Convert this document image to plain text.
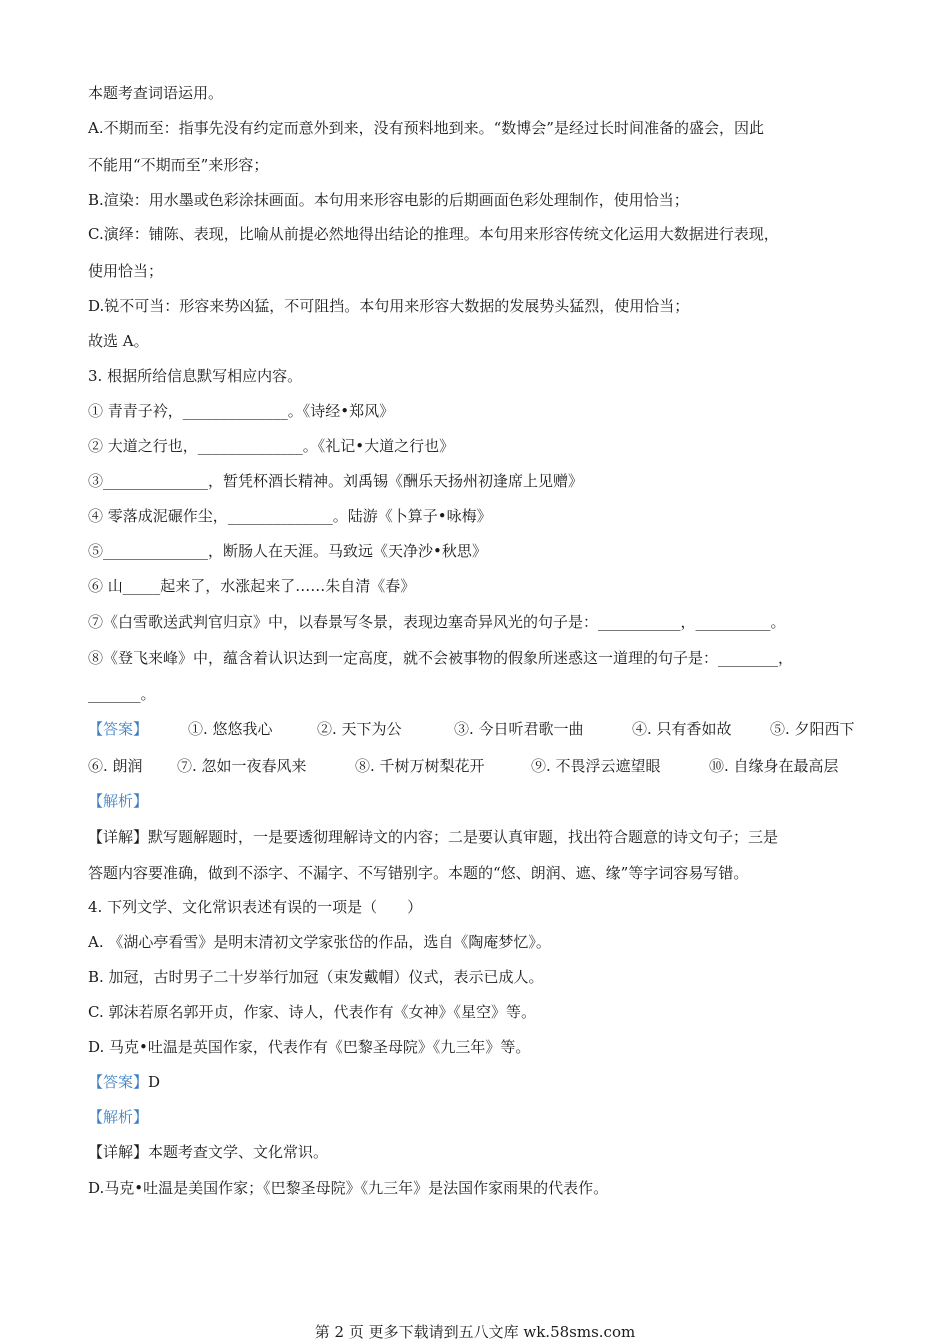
本题考查词语运用。
A.不期而至：指事先没有约定而意外到来，没有预料地到来。“数博会”是经过长时间准备的盛会，因此
不能用“不期而至”来形容；
B.渲染：用水墨或色彩涂抹画面。本句用来形容电影的后期画面色彩处理制作，使用恰当；
C.演绎：铺陈、表现，比喻从前提必然地得出结论的推理。本句用来形容传统文化运用大数据进行表现，
使用恰当；
D.锐不可当：形容来势凶猛，不可阻挡。本句用来形容大数据的发展势头猛烈，使用恰当；
故选 A。
3. 根据所给信息默写相应内容。
① 青青子衿，______________。《诗经•郑风》
② 大道之行也，______________。《礼记•大道之行也》
③______________，暂凭杯酒长精神。刘禹锡《酬乐天扬州初逢席上见赠》
④ 零落成泥碾作尘，______________。陆游《卜算子•咏梅》
⑤______________，断肠人在天涯。马致远《天净沙•秋思》
⑥ 山_____起来了，水涨起来了……朱自清《春》
⑦《白雪歌送武判官归京》中，以春景写冬景，表现边塞奇异风光的句子是：___________，__________。
⑧《登飞来峰》中，蕴含着认识达到一定高度，就不会被事物的假象所迷惑这一道理的句子是：________，
_______。
【答案】	①. 悠悠我心	②. 天下为公	③. 今日听君歌一曲	④. 只有香如故	⑤. 夕阳西下
⑥. 朗润 ⑦. 忽如一夜春风来	⑧. 千树万树梨花开	⑨. 不畏浮云遮望眼	⑩. 自缘身在最高层
【解析】
【详解】默写题解题时，一是要透彻理解诗文的内容；二是要认真审题，找出符合题意的诗文句子；三是
答题内容要准确，做到不添字、不漏字、不写错别字。本题的“悠、朗润、遮、缘”等字词容易写错。
4. 下列文学、文化常识表述有误的一项是（　　）
A. 《湖心亭看雪》是明末清初文学家张岱的作品，选自《陶庵梦忆》。
B. 加冠，古时男子二十岁举行加冠（束发戴帽）仪式，表示已成人。
C. 郭沫若原名郭开贞，作家、诗人，代表作有《女神》《星空》等。
D. 马克•吐温是英国作家，代表作有《巴黎圣母院》《九三年》等。
【答案】D
【解析】
【详解】本题考查文学、文化常识。
D.马克•吐温是美国作家；《巴黎圣母院》《九三年》是法国作家雨果的代表作。
第 2 页 更多下载请到五八文库 wk.58sms.com
